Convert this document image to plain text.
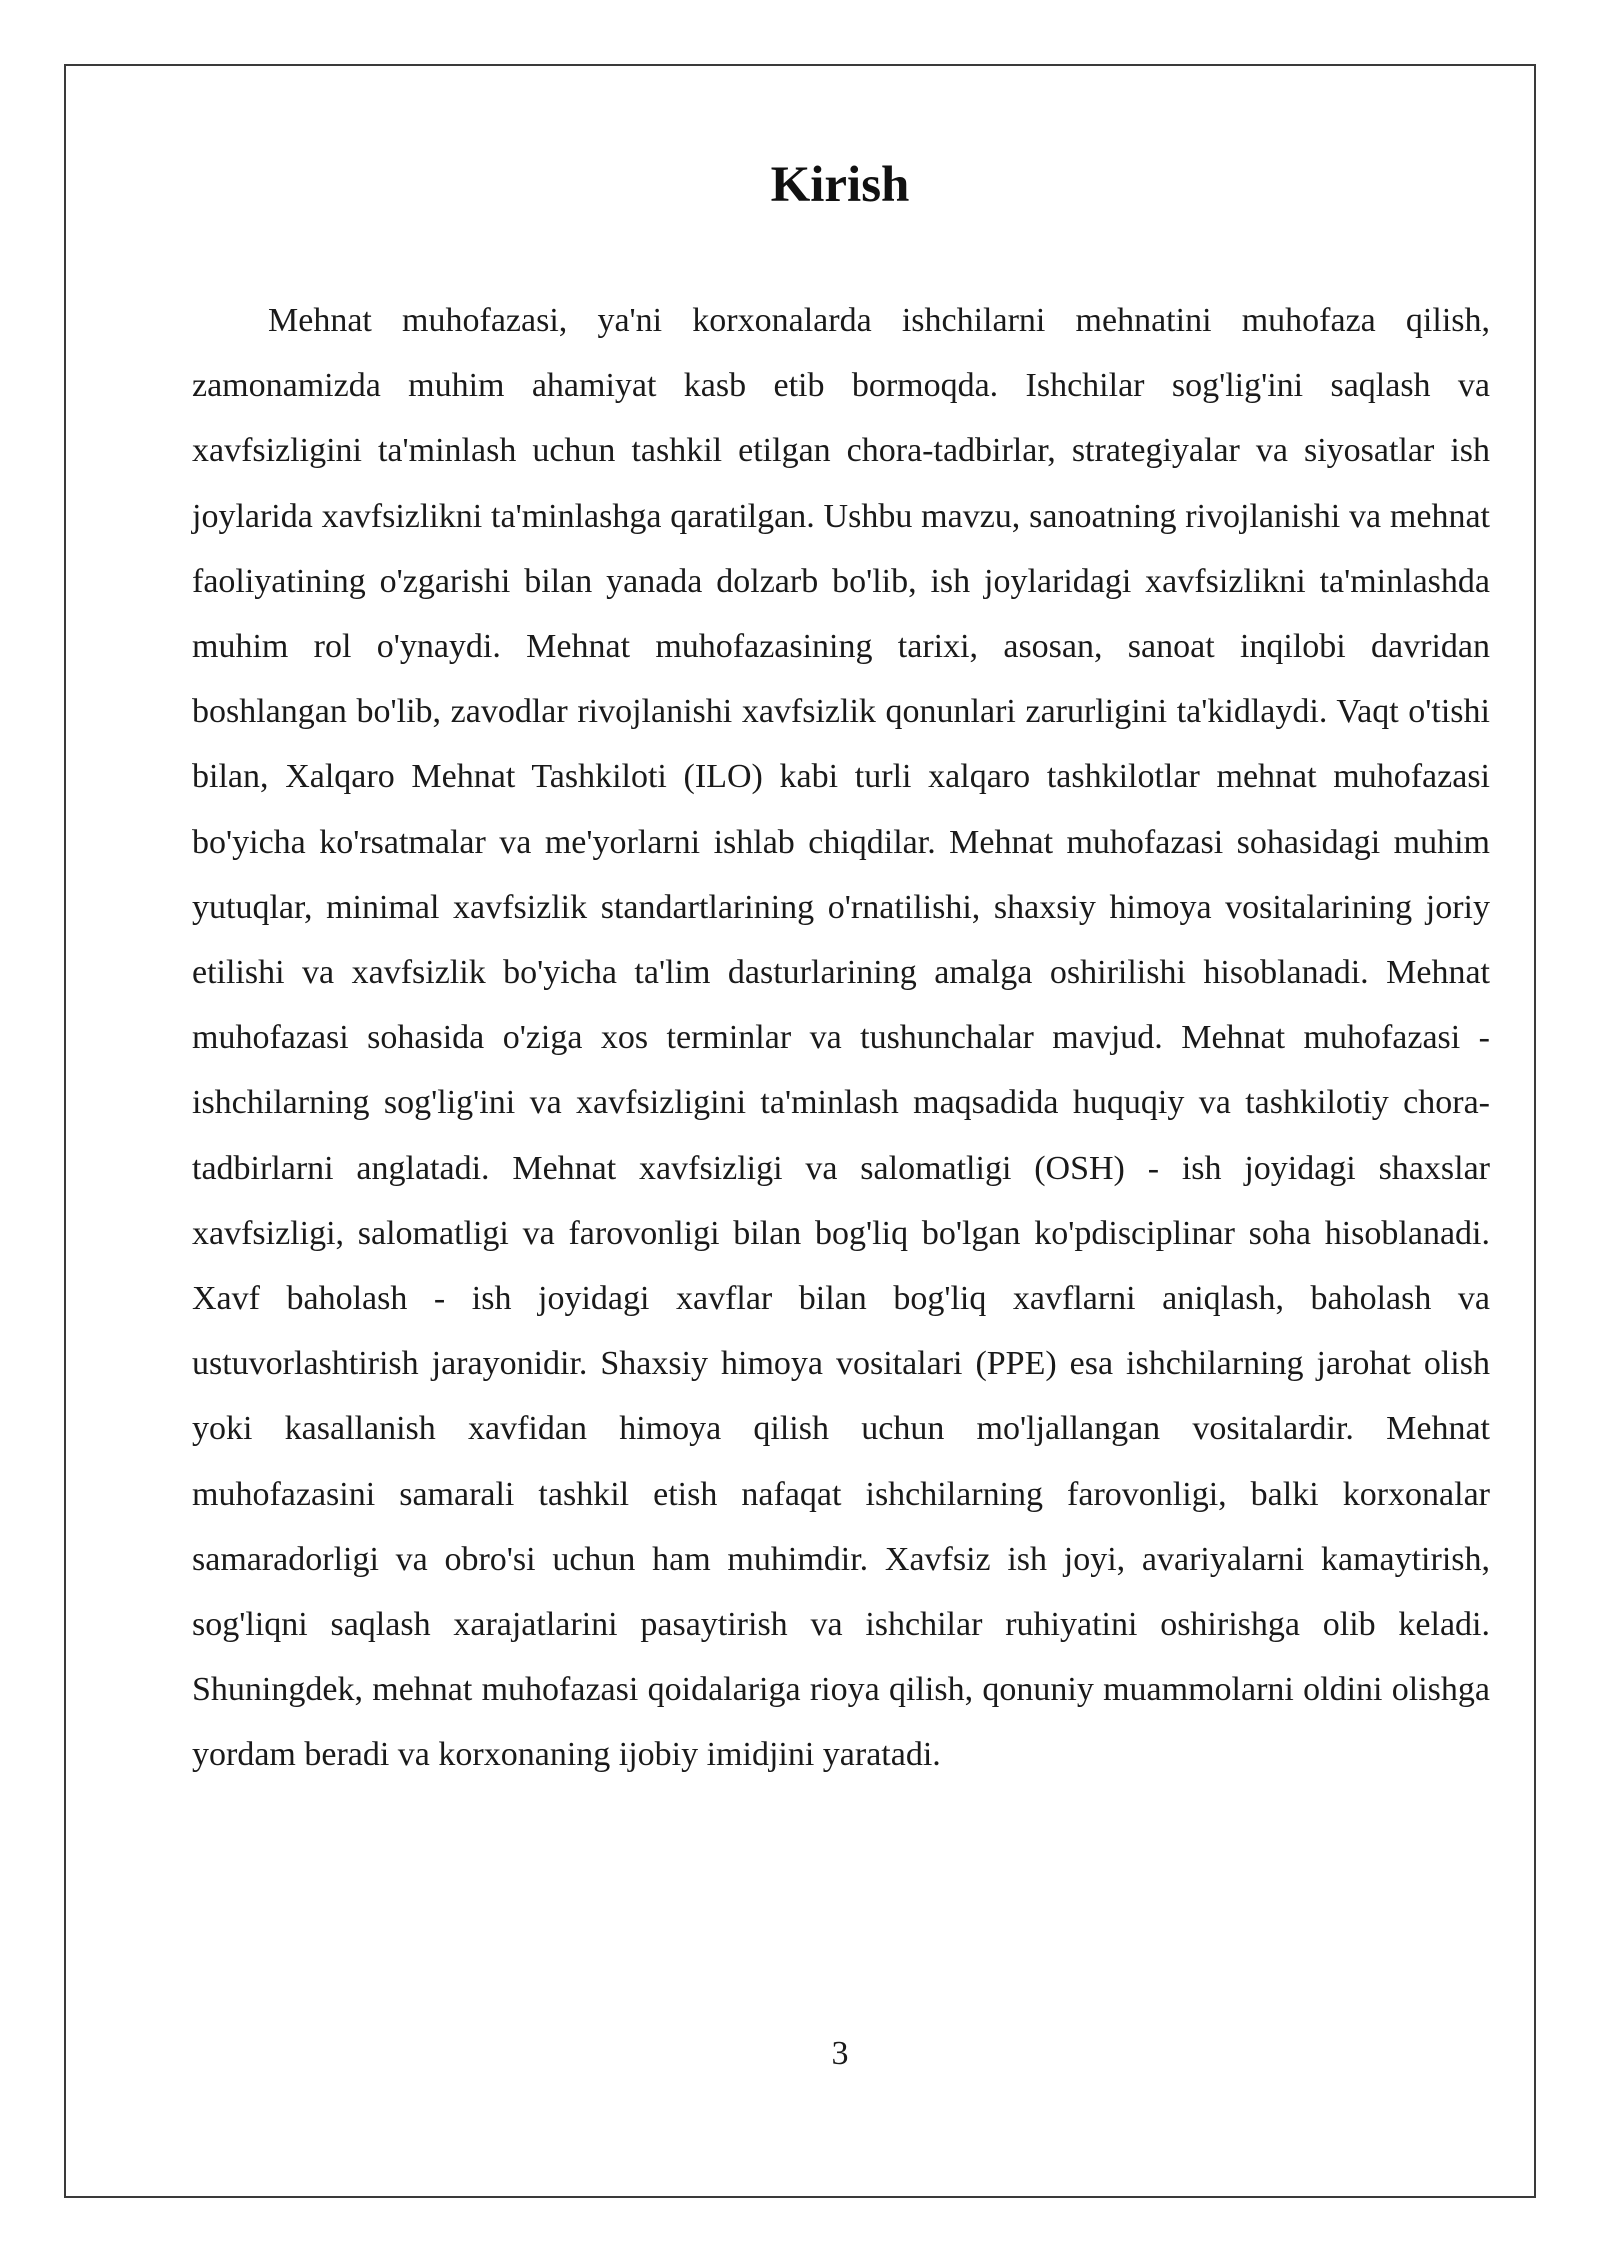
Kirish

Mehnat muhofazasi, ya'ni korxonalarda ishchilarni mehnatini muhofaza qilish, zamonamizda muhim ahamiyat kasb etib bormoqda. Ishchilar sog'lig'ini saqlash va xavfsizligini ta'minlash uchun tashkil etilgan chora-tadbirlar, strategiyalar va siyosatlar ish joylarida xavfsizlikni ta'minlashga qaratilgan. Ushbu mavzu, sanoatning rivojlanishi va mehnat faoliyatining o'zgarishi bilan yanada dolzarb bo'lib, ish joylaridagi xavfsizlikni ta'minlashda muhim rol o'ynaydi. Mehnat muhofazasining tarixi, asosan, sanoat inqilobi davridan boshlangan bo'lib, zavodlar rivojlanishi xavfsizlik qonunlari zarurligini ta'kidlaydi. Vaqt o'tishi bilan, Xalqaro Mehnat Tashkiloti (ILO) kabi turli xalqaro tashkilotlar mehnat muhofazasi bo'yicha ko'rsatmalar va me'yorlarni ishlab chiqdilar. Mehnat muhofazasi sohasidagi muhim yutuqlar, minimal xavfsizlik standartlarining o'rnatilishi, shaxsiy himoya vositalarining joriy etilishi va xavfsizlik bo'yicha ta'lim dasturlarining amalga oshirilishi hisoblanadi. Mehnat muhofazasi sohasida o'ziga xos terminlar va tushunchalar mavjud. Mehnat muhofazasi - ishchilarning sog'lig'ini va xavfsizligini ta'minlash maqsadida huquqiy va tashkilotiy chora-tadbirlarni anglatadi. Mehnat xavfsizligi va salomatligi (OSH) - ish joyidagi shaxslar xavfsizligi, salomatligi va farovonligi bilan bog'liq bo'lgan ko'pdisciplinar soha hisoblanadi. Xavf baholash - ish joyidagi xavflar bilan bog'liq xavflarni aniqlash, baholash va ustuvorlashtirish jarayonidir. Shaxsiy himoya vositalari (PPE) esa ishchilarning jarohat olish yoki kasallanish xavfidan himoya qilish uchun mo'ljallangan vositalardir. Mehnat muhofazasini samarali tashkil etish nafaqat ishchilarning farovonligi, balki korxonalar samaradorligi va obro'si uchun ham muhimdir. Xavfsiz ish joyi, avariyalarni kamaytirish, sog'liqni saqlash xarajatlarini pasaytirish va ishchilar ruhiyatini oshirishga olib keladi. Shuningdek, mehnat muhofazasi qoidalariga rioya qilish, qonuniy muammolarni oldini olishga yordam beradi va korxonaning ijobiy imidjini yaratadi.

3
